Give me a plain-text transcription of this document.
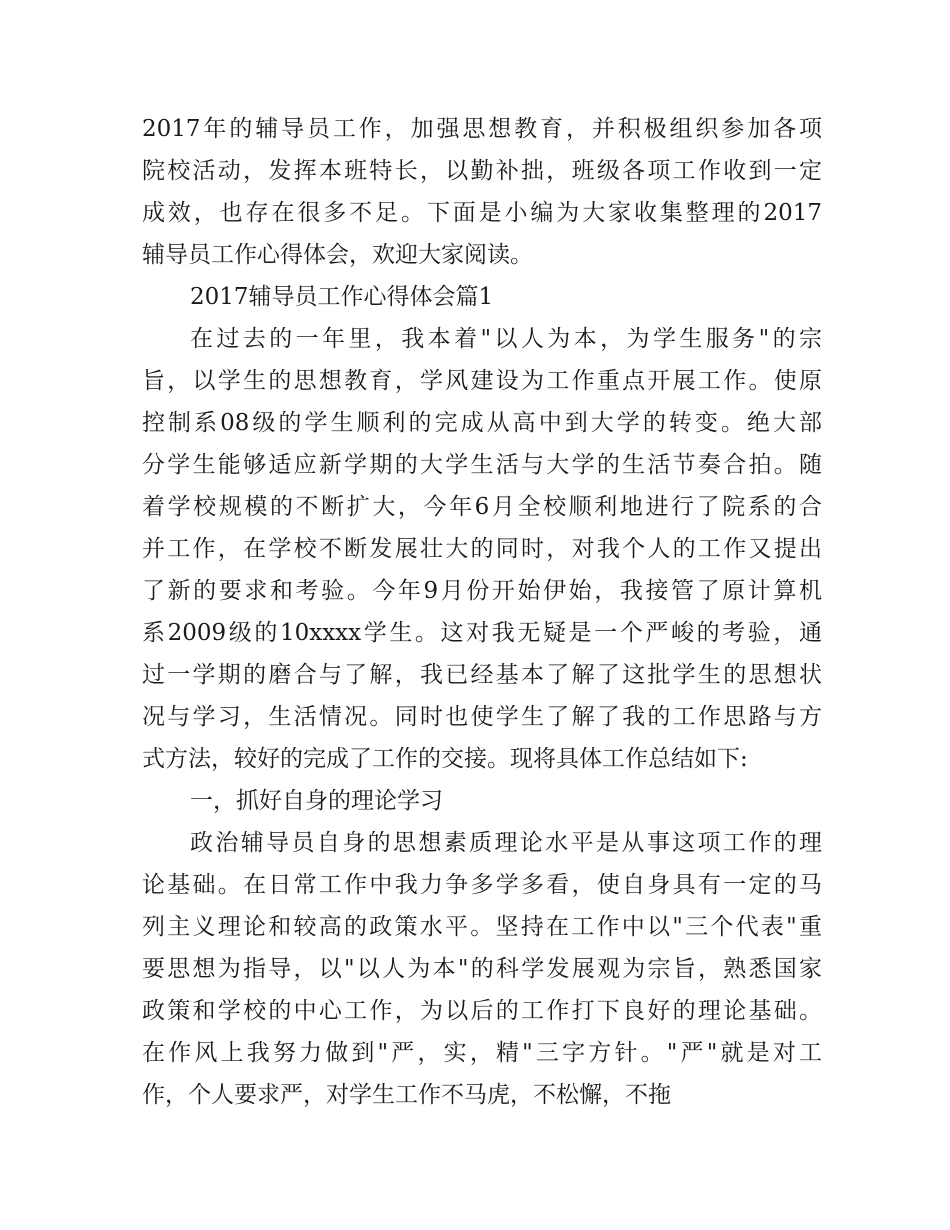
2017年的辅导员工作，加强思想教育，并积极组织参加各项
院校活动，发挥本班特长，以勤补拙，班级各项工作收到一定
成效，也存在很多不足。下面是小编为大家收集整理的2017
辅导员工作心得体会，欢迎大家阅读。
2017辅导员工作心得体会篇1
在过去的一年里，我本着"以人为本，为学生服务"的宗
旨，以学生的思想教育，学风建设为工作重点开展工作。使原
控制系08级的学生顺利的完成从高中到大学的转变。绝大部
分学生能够适应新学期的大学生活与大学的生活节奏合拍。随
着学校规模的不断扩大，今年6月全校顺利地进行了院系的合
并工作，在学校不断发展壮大的同时，对我个人的工作又提出
了新的要求和考验。今年9月份开始伊始，我接管了原计算机
系2009级的10xxxx学生。这对我无疑是一个严峻的考验，通
过一学期的磨合与了解，我已经基本了解了这批学生的思想状
况与学习，生活情况。同时也使学生了解了我的工作思路与方
式方法，较好的完成了工作的交接。现将具体工作总结如下:
一，抓好自身的理论学习
政治辅导员自身的思想素质理论水平是从事这项工作的理
论基础。在日常工作中我力争多学多看，使自身具有一定的马
列主义理论和较高的政策水平。坚持在工作中以"三个代表"重
要思想为指导，以"以人为本"的科学发展观为宗旨，熟悉国家
政策和学校的中心工作，为以后的工作打下良好的理论基础。
在作风上我努力做到"严，实，精"三字方针。"严"就是对工
作，个人要求严，对学生工作不马虎，不松懈，不拖
